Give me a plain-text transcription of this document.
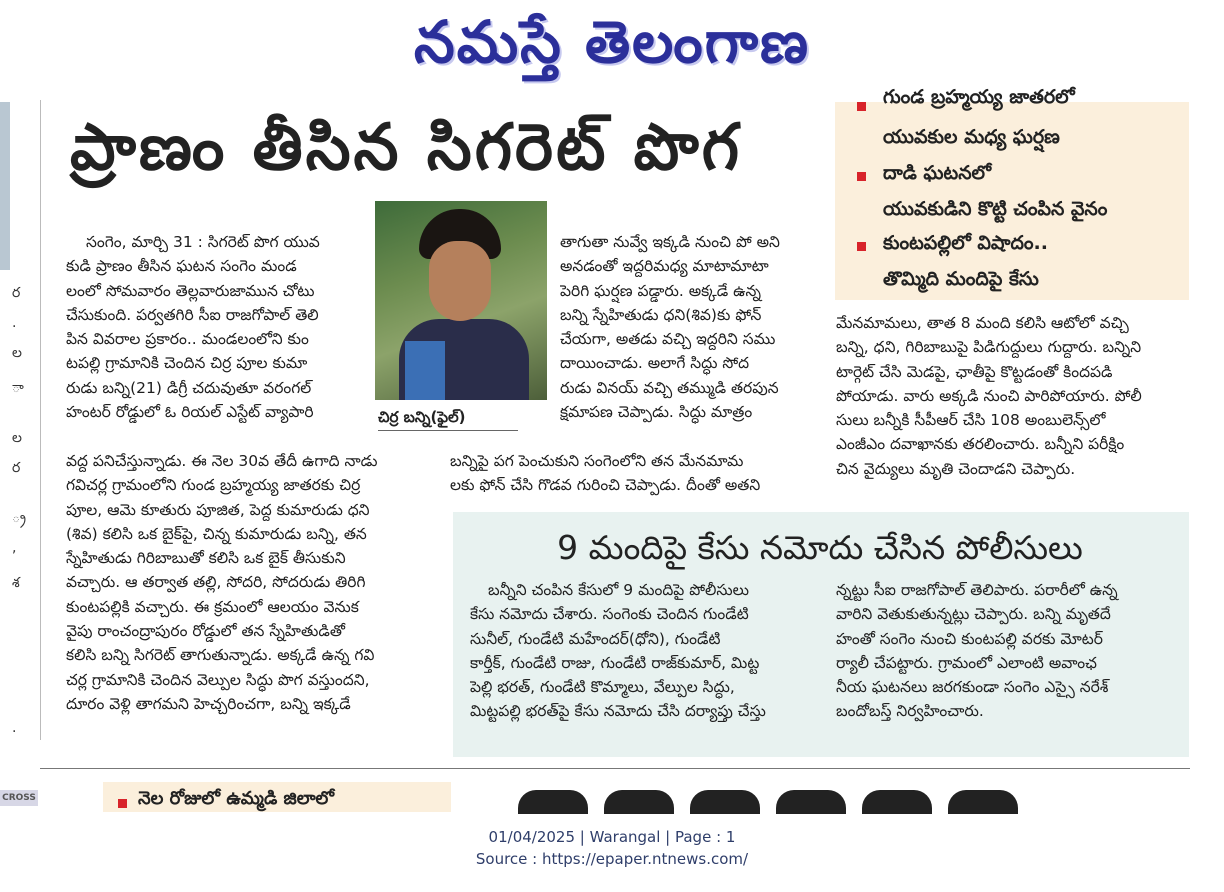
నమస్తే తెలంగాణ
ర
.
ల
ా
ల
ర
్ర
,
శ
.
ప్రాణం తీసిన సిగరెట్ పొగ
గుండ బ్రహ్మయ్య జాతరలో
యువకుల మధ్య ఘర్షణ
దాడి ఘటనలో
యువకుడిని కొట్టి చంపిన వైనం
కుంటపల్లిలో విషాదం..
తొమ్మిది మందిపై కేసు
చిర్ర బన్ని(ఫైల్)
సంగెం, మార్చి 31 : సిగరెట్ పొగ యువ
కుడి ప్రాణం తీసిన ఘటన సంగెం మండ
లంలో సోమవారం తెల్లవారుజామున చోటు
చేసుకుంది. పర్వతగిరి సీఐ రాజగోపాల్ తెలి
పిన వివరాల ప్రకారం.. మండలంలోని కుం
టపల్లి గ్రామానికి చెందిన చిర్ర పూల కుమా
రుడు బన్ని(21) డిగ్రీ చదువుతూ వరంగల్
హంటర్ రోడ్డులో ఓ రియల్ ఎస్టేట్ వ్యాపారి
వద్ద పనిచేస్తున్నాడు. ఈ నెల 30వ తేదీ ఉగాది నాడు
గవిచర్ల గ్రామంలోని గుండ బ్రహ్మయ్య జాతరకు చిర్ర
పూల, ఆమె కూతురు పూజిత, పెద్ద కుమారుడు ధని
(శివ) కలిసి ఒక బైక్‌పై, చిన్న కుమారుడు బన్ని, తన
స్నేహితుడు గిరిబాబుతో కలిసి ఒక బైక్ తీసుకుని
వచ్చారు. ఆ తర్వాత తల్లి, సోదరి, సోదరుడు తిరిగి
కుంటపల్లికి వచ్చారు. ఈ క్రమంలో ఆలయం వెనుక
వైపు రాంచంద్రాపురం రోడ్డులో తన స్నేహితుడితో
కలిసి బన్ని సిగరెట్ తాగుతున్నాడు. అక్కడే ఉన్న గవి
చర్ల గ్రామానికి చెందిన వెల్పుల సిద్ధు పొగ వస్తుందని,
దూరం వెళ్లి తాగమని హెచ్చరించగా, బన్ని ఇక్కడే
తాగుతా నువ్వే ఇక్కడి నుంచి పో అని
అనడంతో ఇద్దరిమధ్య మాటామాటా
పెరిగి ఘర్షణ పడ్డారు. అక్కడే ఉన్న
బన్ని స్నేహితుడు ధని(శివ)కు ఫోన్
చేయగా, అతడు వచ్చి ఇద్దరిని సము
దాయించాడు. అలాగే సిద్ధు సోద
రుడు వినయ్ వచ్చి తమ్ముడి తరపున
క్షమాపణ చెప్పాడు. సిద్ధు మాత్రం
బన్నిపై పగ పెంచుకుని సంగెంలోని తన మేనమామ
లకు ఫోన్ చేసి గొడవ గురించి చెప్పాడు. దీంతో అతని
మేనమామలు, తాత 8 మంది కలిసి ఆటోలో వచ్చి
బన్ని, ధని, గిరిబాబుపై పిడిగుద్దులు గుద్దారు. బన్నిని
టార్గెట్ చేసి మెడపై, ఛాతీపై కొట్టడంతో కిందపడి
పోయాడు. వారు అక్కడి నుంచి పారిపోయారు. పోలీ
సులు బన్నీకి సీపీఆర్ చేసి 108 అంబులెన్స్‌లో
ఎంజీఎం దవాఖానకు తరలించారు. బన్నీని పరీక్షిం
చిన వైద్యులు మృతి చెందాడని చెప్పారు.
9 మందిపై కేసు నమోదు చేసిన పోలీసులు
బన్నీని చంపిన కేసులో 9 మందిపై పోలీసులు
కేసు నమోదు చేశారు. సంగెంకు చెందిన గుండేటి
సునీల్, గుండేటి మహేందర్(ధోని), గుండేటి
కార్తీక్, గుండేటి రాజు, గుండేటి రాజ్‌కుమార్, మిట్ట
పెల్లి భరత్, గుండేటి కొమ్మాలు, వేల్పుల సిద్ధు,
మిట్టపల్లి భరత్‌పై కేసు నమోదు చేసి దర్యాప్తు చేస్తు
న్నట్టు సీఐ రాజగోపాల్ తెలిపారు. పరారీలో ఉన్న
వారిని వెతుకుతున్నట్లు చెప్పారు. బన్ని మృతదే
హంతో సంగెం నుంచి కుంటపల్లి వరకు మోటర్
ర్యాలీ చేపట్టారు. గ్రామంలో ఎలాంటి అవాంఛ
నీయ ఘటనలు జరగకుండా సంగెం ఎస్సై నరేశ్
బందోబస్త్ నిర్వహించారు.
CROSS	నెల రోజులో ఉమ్మడి జిలాలో
01/04/2025 | Warangal | Page : 1
Source : https://epaper.ntnews.com/
